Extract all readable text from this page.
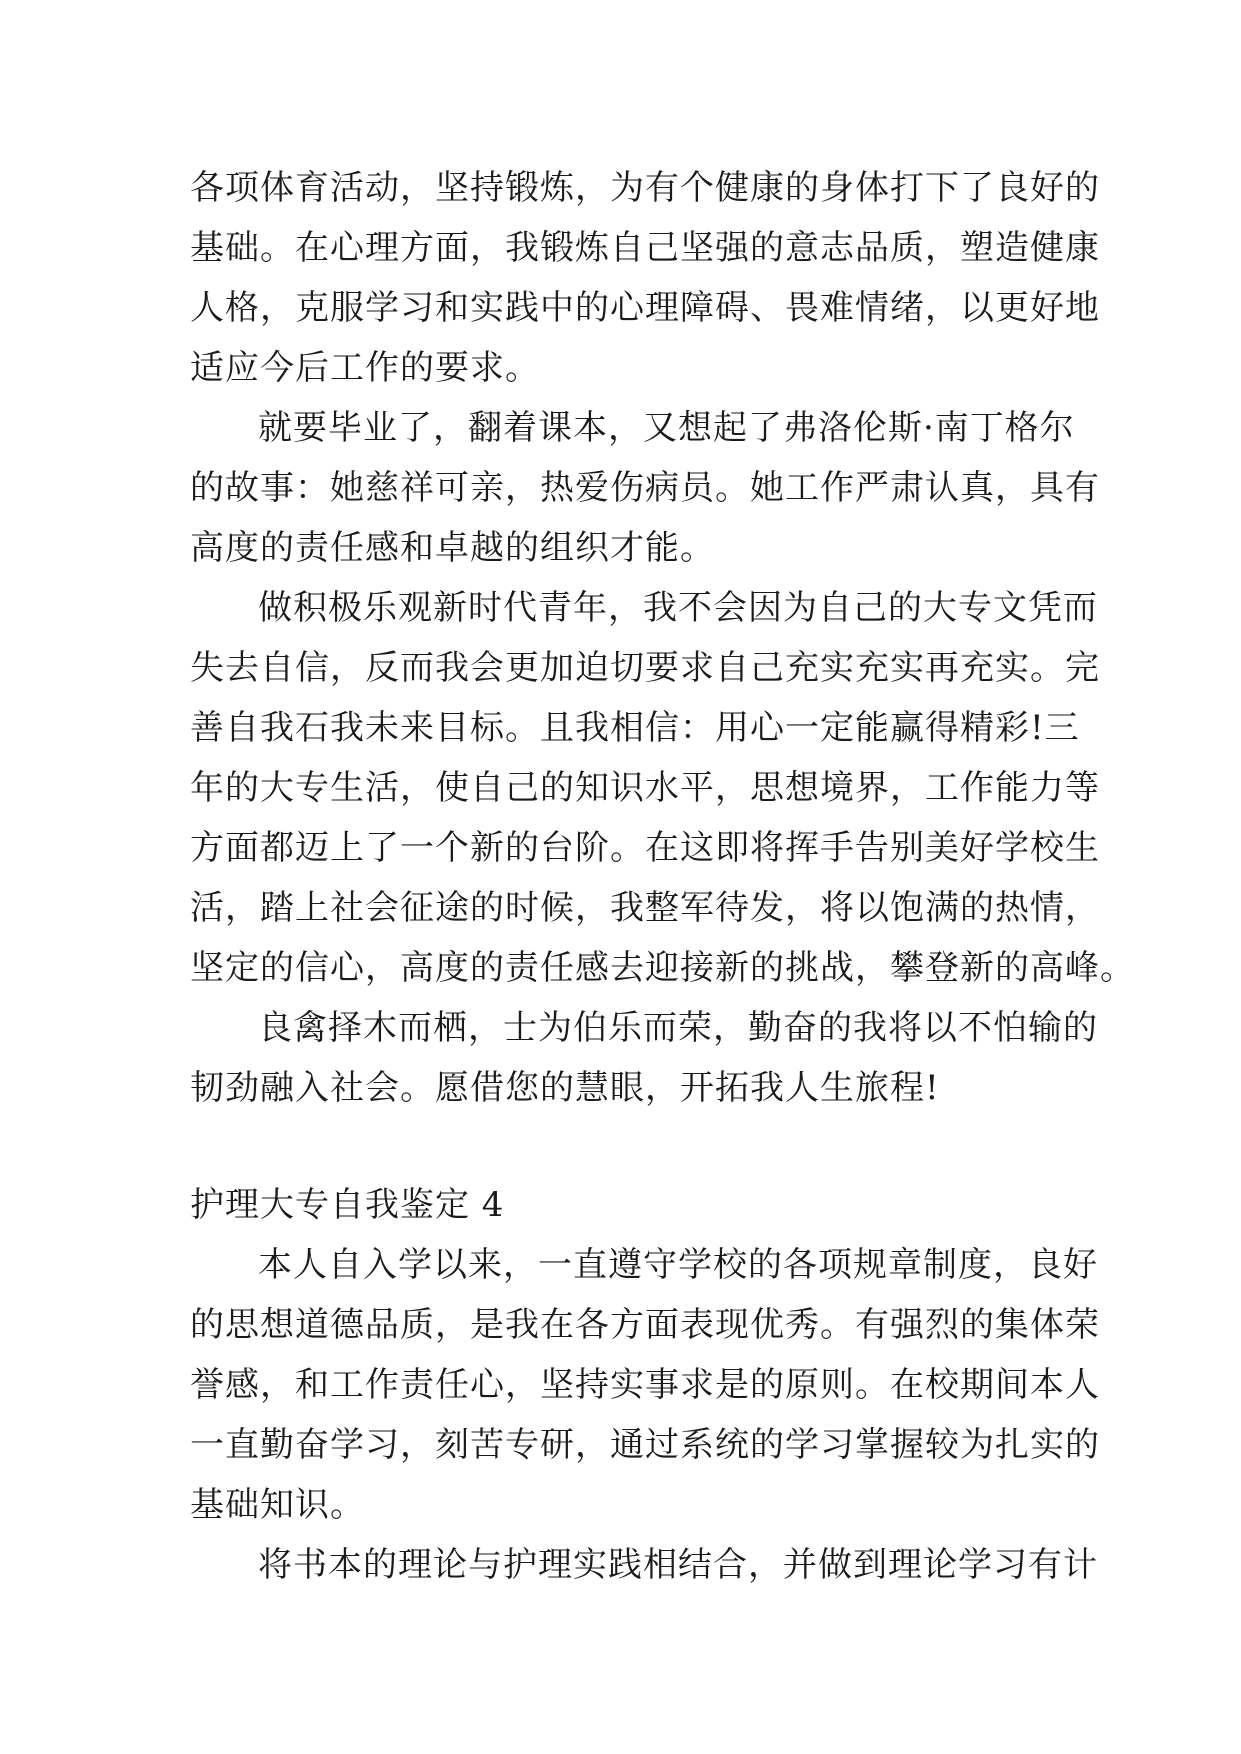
各项体育活动，坚持锻炼，为有个健康的身体打下了良好的
基础。在心理方面，我锻炼自己坚强的意志品质，塑造健康
人格，克服学习和实践中的心理障碍、畏难情绪，以更好地
适应今后工作的要求。
就要毕业了，翻着课本，又想起了弗洛伦斯·南丁格尔
的故事：她慈祥可亲，热爱伤病员。她工作严肃认真，具有
高度的责任感和卓越的组织才能。
做积极乐观新时代青年，我不会因为自己的大专文凭而
失去自信，反而我会更加迫切要求自己充实充实再充实。完
善自我石我未来目标。且我相信：用心一定能赢得精彩!三
年的大专生活，使自己的知识水平，思想境界，工作能力等
方面都迈上了一个新的台阶。在这即将挥手告别美好学校生
活，踏上社会征途的时候，我整军待发，将以饱满的热情，
坚定的信心，高度的责任感去迎接新的挑战，攀登新的高峰。
良禽择木而栖，士为伯乐而荣，勤奋的我将以不怕输的
韧劲融入社会。愿借您的慧眼，开拓我人生旅程!
护理大专自我鉴定 4
本人自入学以来，一直遵守学校的各项规章制度，良好
的思想道德品质，是我在各方面表现优秀。有强烈的集体荣
誉感，和工作责任心，坚持实事求是的原则。在校期间本人
一直勤奋学习，刻苦专研，通过系统的学习掌握较为扎实的
基础知识。
将书本的理论与护理实践相结合，并做到理论学习有计
